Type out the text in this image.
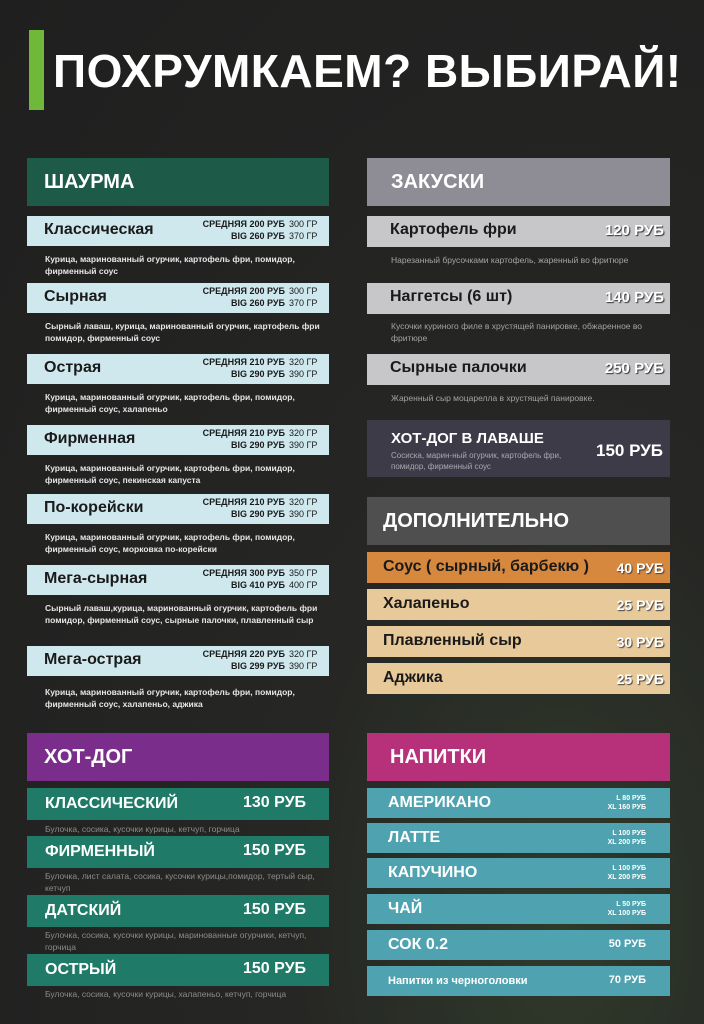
ПОХРУМКАЕМ? ВЫБИРАЙ!
ШАУРМА
Классическая	СРЕДНЯЯ 200 РУБ 300 ГР
BIG 260 РУБ 370 ГР
Курица, маринованный огурчик, картофель фри, помидор, фирменный соус
Сырная	СРЕДНЯЯ 200 РУБ 300 ГР
BIG 260 РУБ 370 ГР
Сырный лаваш, курица, маринованный огурчик, картофель фри помидор, фирменный соус
Острая	СРЕДНЯЯ 210 РУБ 320 ГР
BIG 290 РУБ 390 ГР
Курица, маринованный огурчик, картофель фри, помидор, фирменный соус, халапеньо
Фирменная	СРЕДНЯЯ 210 РУБ 320 ГР
BIG 290 РУБ 390 ГР
Курица, маринованный огурчик, картофель фри, помидор, фирменный соус, пекинская капуста
По-корейски	СРЕДНЯЯ 210 РУБ 320 ГР
BIG 290 РУБ 390 ГР
Курица, маринованный огурчик, картофель фри, помидор, фирменный соус, морковка по-корейски
Мега-сырная	СРЕДНЯЯ 300 РУБ 350 ГР
BIG 410 РУБ 400 ГР
Сырный лаваш,курица, маринованный огурчик, картофель фри помидор, фирменный соус, сырные палочки, плавленный сыр
Мега-острая	СРЕДНЯЯ 220 РУБ 320 ГР
BIG 299 РУБ 390 ГР
Курица, маринованный огурчик, картофель фри, помидор, фирменный соус, халапеньо, аджика
ЗАКУСКИ
Картофель фри	120 РУБ
Нарезанный брусочками картофель, жаренный во фритюре
Наггетсы (6 шт)	140 РУБ
Кусочки куриного филе в хрустящей панировке, обжаренное во фритюре
Сырные палочки	250 РУБ
Жаренный сыр моцарелла в хрустящей панировке.
ХОТ-ДОГ В ЛАВАШЕ
Сосиска, марин-ный огурчик, картофель фри, помидор, фирменный соус
150 РУБ
ДОПОЛНИТЕЛЬНО
Соус ( сырный, барбекю ) 40 РУБ
Халапеньо	25 РУБ
Плавленный сыр	30 РУБ
Аджика	25 РУБ
ХОТ-ДОГ
КЛАССИЧЕСКИЙ	130 РУБ
Булочка, сосика, кусочки курицы, кетчуп, горчица
ФИРМЕННЫЙ	150 РУБ
Булочка, лист салата, сосика, кусочки курицы,помидор, тертый сыр, кетчуп
ДАТСКИЙ	150 РУБ
Булочка, сосика, кусочки курицы, маринованные огурчики, кетчуп, горчица
ОСТРЫЙ	150 РУБ
Булочка, сосика, кусочки курицы, халапеньо, кетчуп, горчица
НАПИТКИ
АМЕРИКАНО	L 80 РУБ
XL 160 РУБ
ЛАТТЕ	L 100 РУБ
XL 200 РУБ
КАПУЧИНО	L 100 РУБ
XL 200 РУБ
ЧАЙ	L 50 РУБ
XL 100 РУБ
СОК 0.2	50 РУБ
Напитки из черноголовки	70 РУБ
